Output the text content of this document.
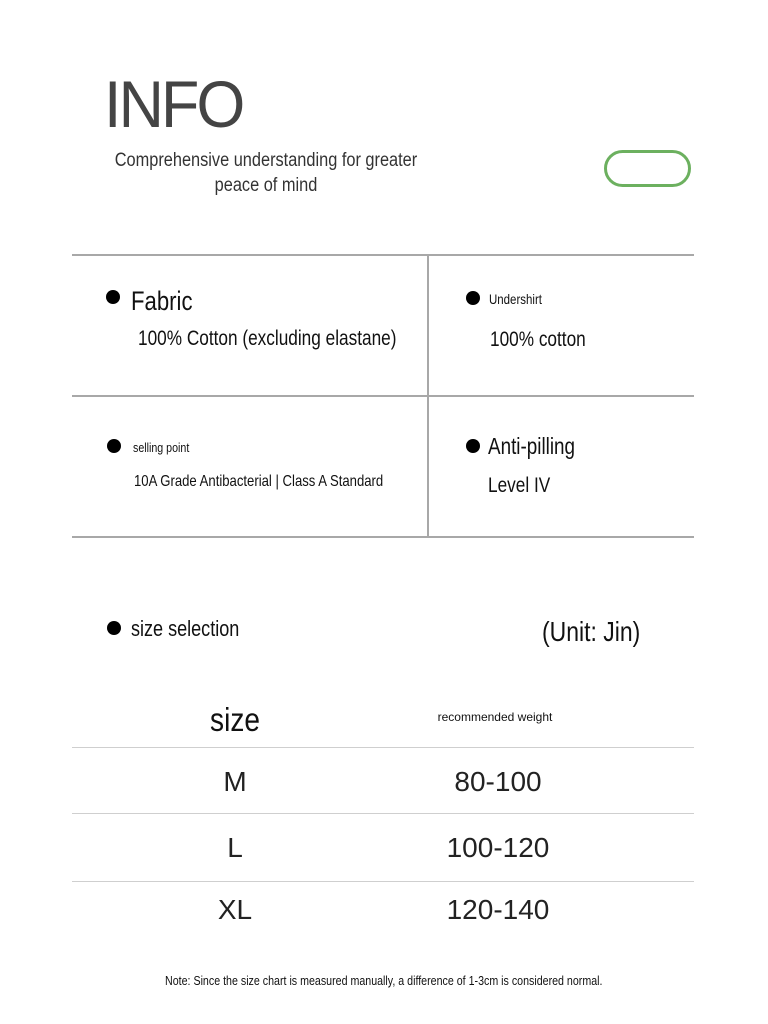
INFO
Comprehensive understanding for greater peace of mind
Fabric
100% Cotton (excluding elastane)
Undershirt
100% cotton
selling point
10A Grade Antibacterial | Class A Standard
Anti-pilling
Level IV
size selection	(Unit: Jin)
size	recommended weight
M	80-100
L	100-120
XL	120-140
Note: Since the size chart is measured manually, a difference of 1-3cm is considered normal.
